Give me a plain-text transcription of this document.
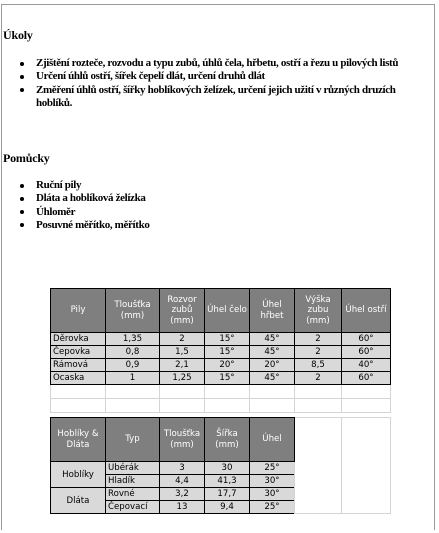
Úkoly
Zjištění rozteče, rozvodu a typu zubů, úhlů čela, hřbetu, ostří a řezu u pilových listů
Určení úhlů ostří, šířek čepelí dlát, určení druhů dlát
Změření úhlů ostří, šířky hoblíkových želízek, určení jejich užití v různých druzích hoblíků.
Pomůcky
Ruční pily
Dláta a hoblíková želízka
Úhloměr
Posuvné měřítko, měřítko
Pily	Tloušťka (mm)	Rozvor zubů (mm)	Úhel čelo	Úhel hřbet	Výška zubu (mm)	Úhel ostří
Děrovka	1,35	2	15°	45°	2	60°
Čepovka	0,8	1,5	15°	45°	2	60°
Rámová	0,9	2,1	20°	20°	8,5	40°
Ocaska	1	1,25	15°	45°	2	60°

Hoblíky & Dláta	Typ	Tloušťka (mm)	Šířka (mm)	Úhel		
Hoblíky	Ubérák	3	30	25°		
	Hladík	4,4	41,3	30°		
Dláta	Rovné	3,2	17,7	30°		
	Čepovací	13	9,4	25°		
